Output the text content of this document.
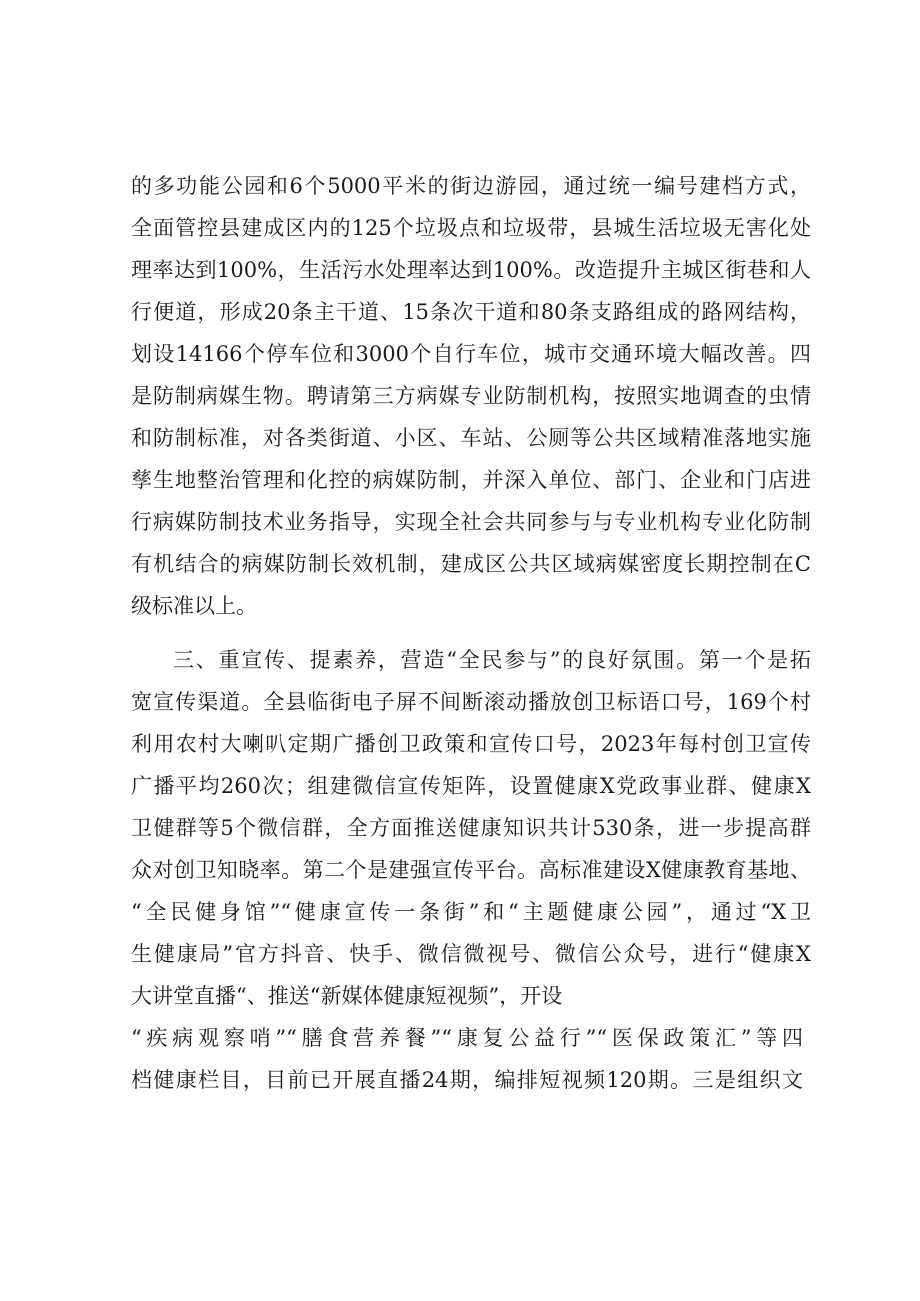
的多功能公园和6个5000平米的街边游园，通过统一编号建档方式，
全面管控县建成区内的125个垃圾点和垃圾带，县城生活垃圾无害化处
理率达到100%，生活污水处理率达到100%。改造提升主城区街巷和人
行便道，形成20条主干道、15条次干道和80条支路组成的路网结构，
划设14166个停车位和3000个自行车位，城市交通环境大幅改善。四
是防制病媒生物。聘请第三方病媒专业防制机构，按照实地调查的虫情
和防制标准，对各类街道、小区、车站、公厕等公共区域精准落地实施
孳生地整治管理和化控的病媒防制，并深入单位、部门、企业和门店进
行病媒防制技术业务指导，实现全社会共同参与与专业机构专业化防制
有机结合的病媒防制长效机制，建成区公共区域病媒密度长期控制在C
级标准以上。
三、重宣传、提素养，营造“全民参与”的良好氛围。第一个是拓
宽宣传渠道。全县临街电子屏不间断滚动播放创卫标语口号，169个村
利用农村大喇叭定期广播创卫政策和宣传口号，2023年每村创卫宣传
广播平均260次；组建微信宣传矩阵，设置健康X党政事业群、健康X
卫健群等5个微信群，全方面推送健康知识共计530条，进一步提高群
众对创卫知晓率。第二个是建强宣传平台。高标准建设X健康教育基地、
“全民健身馆”“健康宣传一条街”和“主题健康公园”，通过“X卫
生健康局”官方抖音、快手、微信微视号、微信公众号，进行“健康X
大讲堂直播“、推送“新媒体健康短视频”，开设
“疾病观察哨”“膳食营养餐”“康复公益行”“医保政策汇”等四
档健康栏目，目前已开展直播24期，编排短视频120期。三是组织文
